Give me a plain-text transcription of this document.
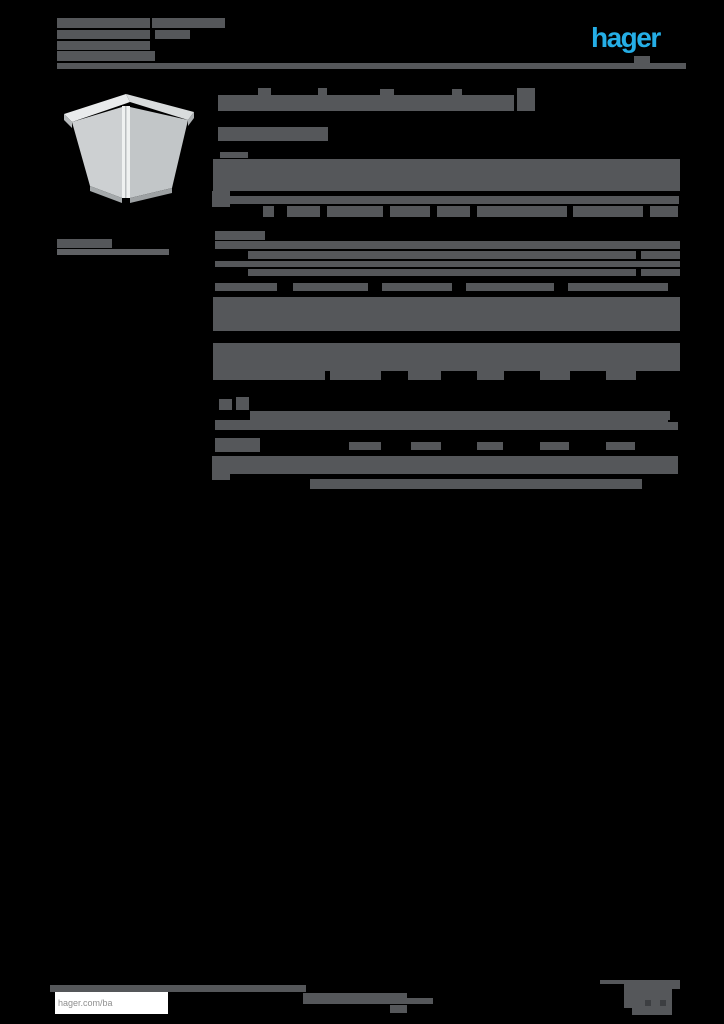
hager
hager.com/ba
